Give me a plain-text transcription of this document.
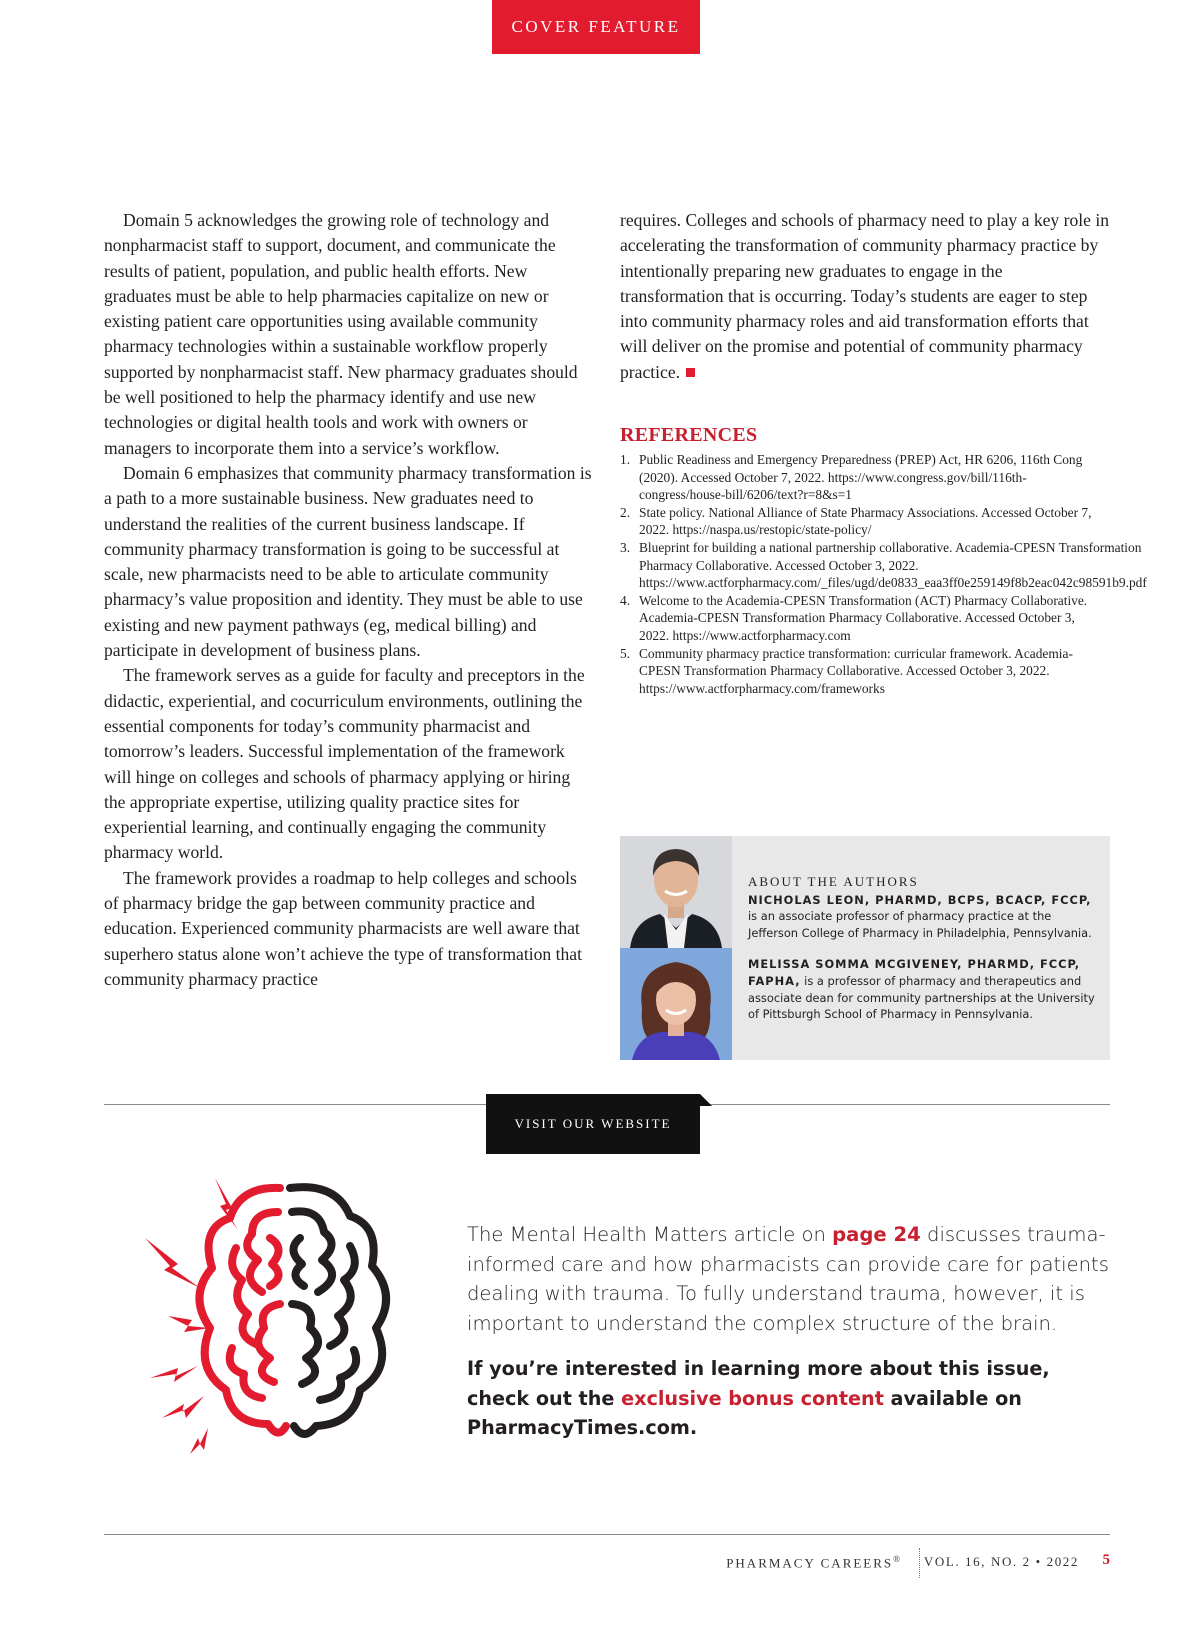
COVER FEATURE

Domain 5 acknowledges the growing role of technology and nonpharmacist staff to support, document, and communicate the results of patient, population, and public health efforts. New graduates must be able to help pharmacies capitalize on new or existing patient care opportunities using available community pharmacy technologies within a sustainable workflow properly supported by nonpharmacist staff. New pharmacy graduates should be well positioned to help the pharmacy identify and use new technologies or digital health tools and work with owners or managers to incorporate them into a service’s workflow.

Domain 6 emphasizes that community pharmacy transformation is a path to a more sustainable business. New graduates need to understand the realities of the current business landscape. If community pharmacy transformation is going to be successful at scale, new pharmacists need to be able to articulate community pharmacy’s value proposition and identity. They must be able to use existing and new payment pathways (eg, medical billing) and participate in development of business plans.

The framework serves as a guide for faculty and preceptors in the didactic, experiential, and cocurriculum environments, outlining the essential components for today’s community pharmacist and tomorrow’s leaders. Successful implementation of the framework will hinge on colleges and schools of pharmacy applying or hiring the appropriate expertise, utilizing quality practice sites for experiential learning, and continually engaging the community pharmacy world.

The framework provides a roadmap to help colleges and schools of pharmacy bridge the gap between community practice and education. Experienced community pharmacists are well aware that superhero status alone won’t achieve the type of transformation that community pharmacy practice

requires. Colleges and schools of pharmacy need to play a key role in accelerating the transformation of community pharmacy practice by intentionally preparing new graduates to engage in the transformation that is occurring. Today’s students are eager to step into community pharmacy roles and aid transformation efforts that will deliver on the promise and potential of community pharmacy practice.

REFERENCES
1. Public Readiness and Emergency Preparedness (PREP) Act, HR 6206, 116th Cong (2020). Accessed October 7, 2022. https://www.congress.gov/bill/116th-congress/house-bill/6206/text?r=8&s=1
2. State policy. National Alliance of State Pharmacy Associations. Accessed October 7, 2022. https://naspa.us/restopic/state-policy/
3. Blueprint for building a national partnership collaborative. Academia-CPESN Transformation Pharmacy Collaborative. Accessed October 3, 2022. https://www.actforpharmacy.com/_files/ugd/de0833_eaa3ff0e259149f8b2eac042c98591b9.pdf
4. Welcome to the Academia-CPESN Transformation (ACT) Pharmacy Collaborative. Academia-CPESN Transformation Pharmacy Collaborative. Accessed October 3, 2022. https://www.actforpharmacy.com
5. Community pharmacy practice transformation: curricular framework. Academia-CPESN Transformation Pharmacy Collaborative. Accessed October 3, 2022. https://www.actforpharmacy.com/frameworks
ABOUT THE AUTHORS

NICHOLAS LEON, PHARMD, BCPS, BCACP, FCCP, is an associate professor of pharmacy practice at the Jefferson College of Pharmacy in Philadelphia, Pennsylvania.

MELISSA SOMMA MCGIVENEY, PHARMD, FCCP, FAPHA, is a professor of pharmacy and therapeutics and associate dean for community partnerships at the University of Pittsburgh School of Pharmacy in Pennsylvania.

VISIT OUR WEBSITE

The Mental Health Matters article on page 24 discusses trauma-informed care and how pharmacists can provide care for patients dealing with trauma. To fully understand trauma, however, it is important to understand the complex structure of the brain.

If you’re interested in learning more about this issue, check out the exclusive bonus content available on PharmacyTimes.com.

PHARMACY CAREERS® VOL. 16, NO. 2 • 2022 5
